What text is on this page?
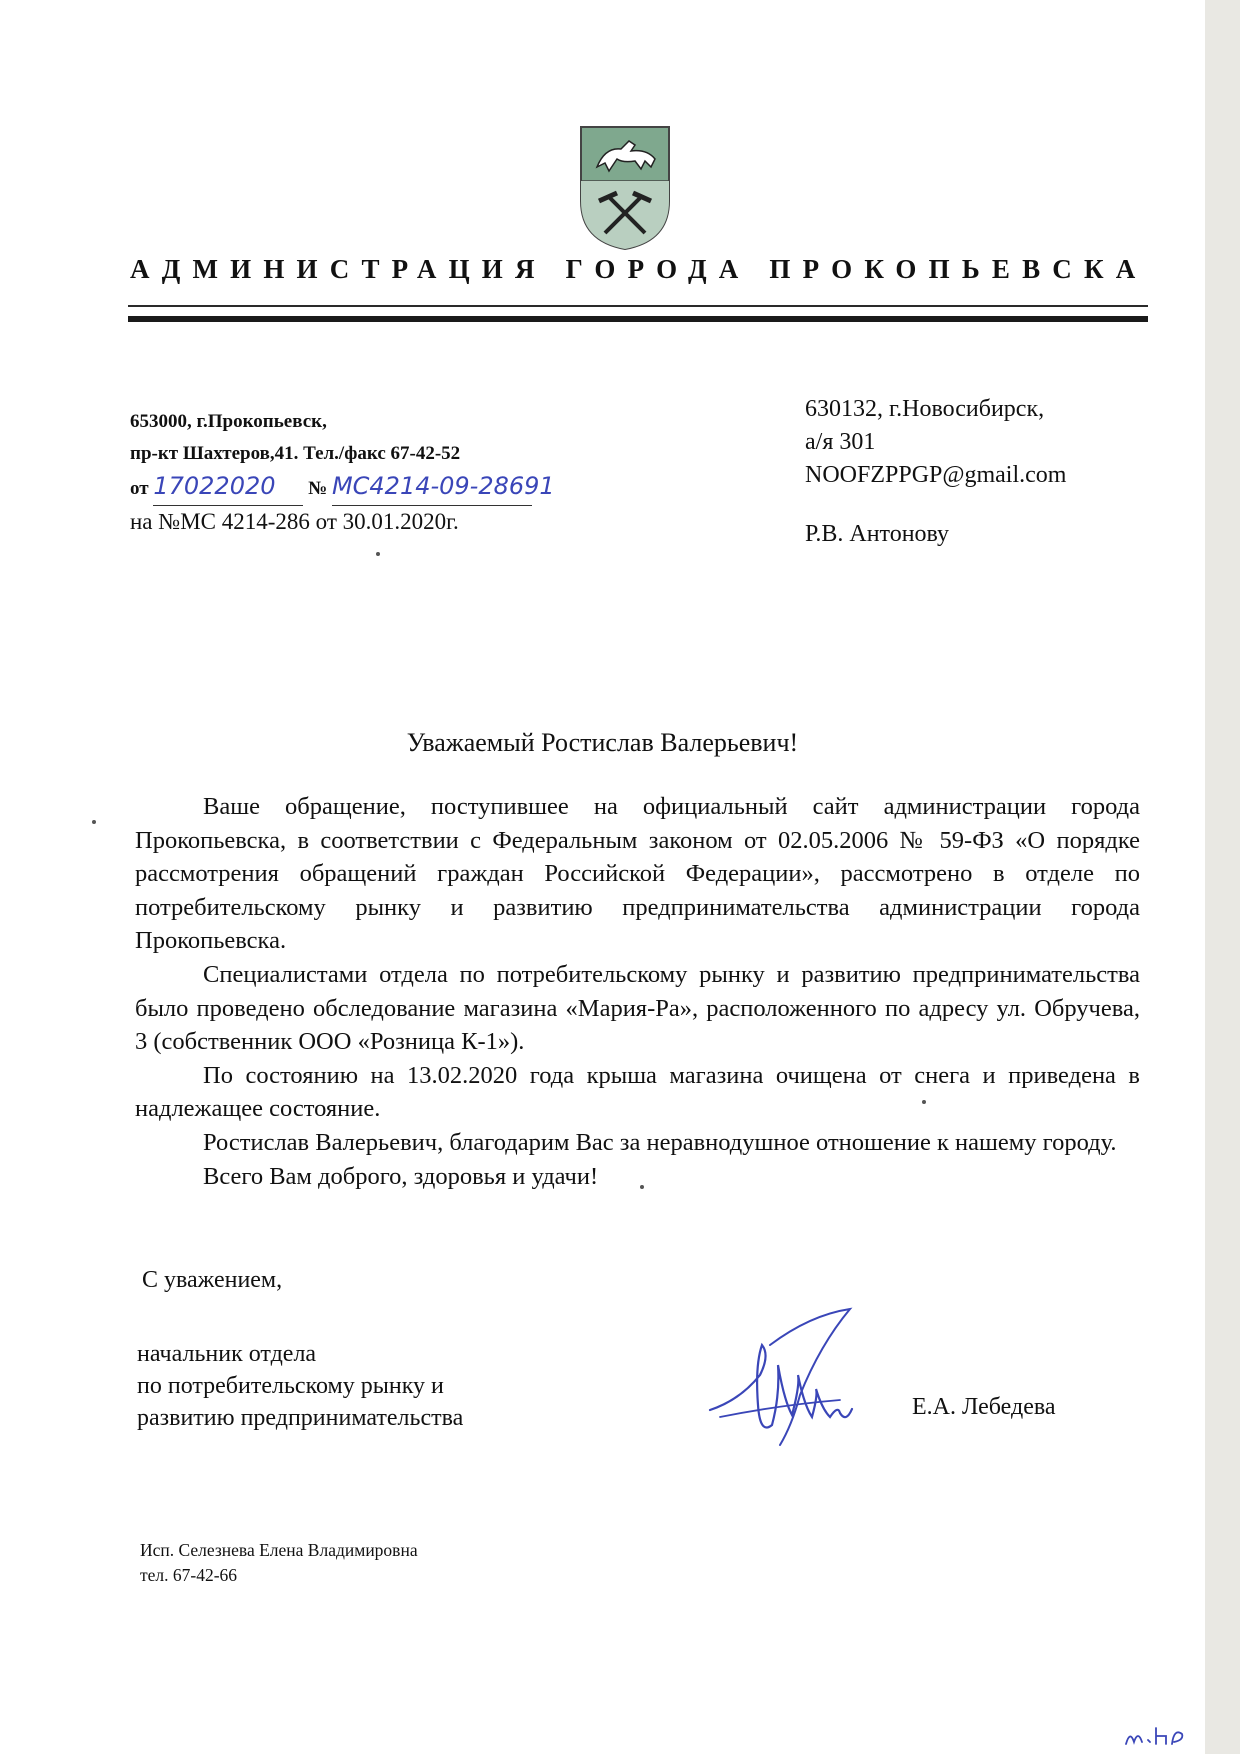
АДМИНИСТРАЦИЯ ГОРОДА ПРОКОПЬЕВСКА
653000, г.Прокопьевск,
пр-кт Шахтеров,41. Тел./факс 67-42-52
от 17022020 № МС4214-09-28691
на №МС 4214-286 от 30.01.2020г.
630132, г.Новосибирск,
а/я 301
NOOFZPPGP@gmail.com
Р.В. Антонову
Уважаемый Ростислав Валерьевич!

Ваше обращение, поступившее на официальный сайт администрации города Прокопьевска, в соответствии с Федеральным законом от 02.05.2006 № 59-ФЗ «О порядке рассмотрения обращений граждан Российской Федерации», рассмотрено в отделе по потребительскому рынку и развитию предпринимательства администрации города Прокопьевска.

Специалистами отдела по потребительскому рынку и развитию предпринимательства было проведено обследование магазина «Мария-Ра», расположенного по адресу ул. Обручева, 3 (собственник ООО «Розница К-1»).

По состоянию на 13.02.2020 года крыша магазина очищена от снега и приведена в надлежащее состояние.

Ростислав Валерьевич, благодарим Вас за неравнодушное отношение к нашему городу.

Всего Вам доброго, здоровья и удачи!

С уважением,
начальник отдела
по потребительскому рынку и
развитию предпринимательства	Е.А. Лебедева
Исп. Селезнева Елена Владимировна
тел. 67-42-66
